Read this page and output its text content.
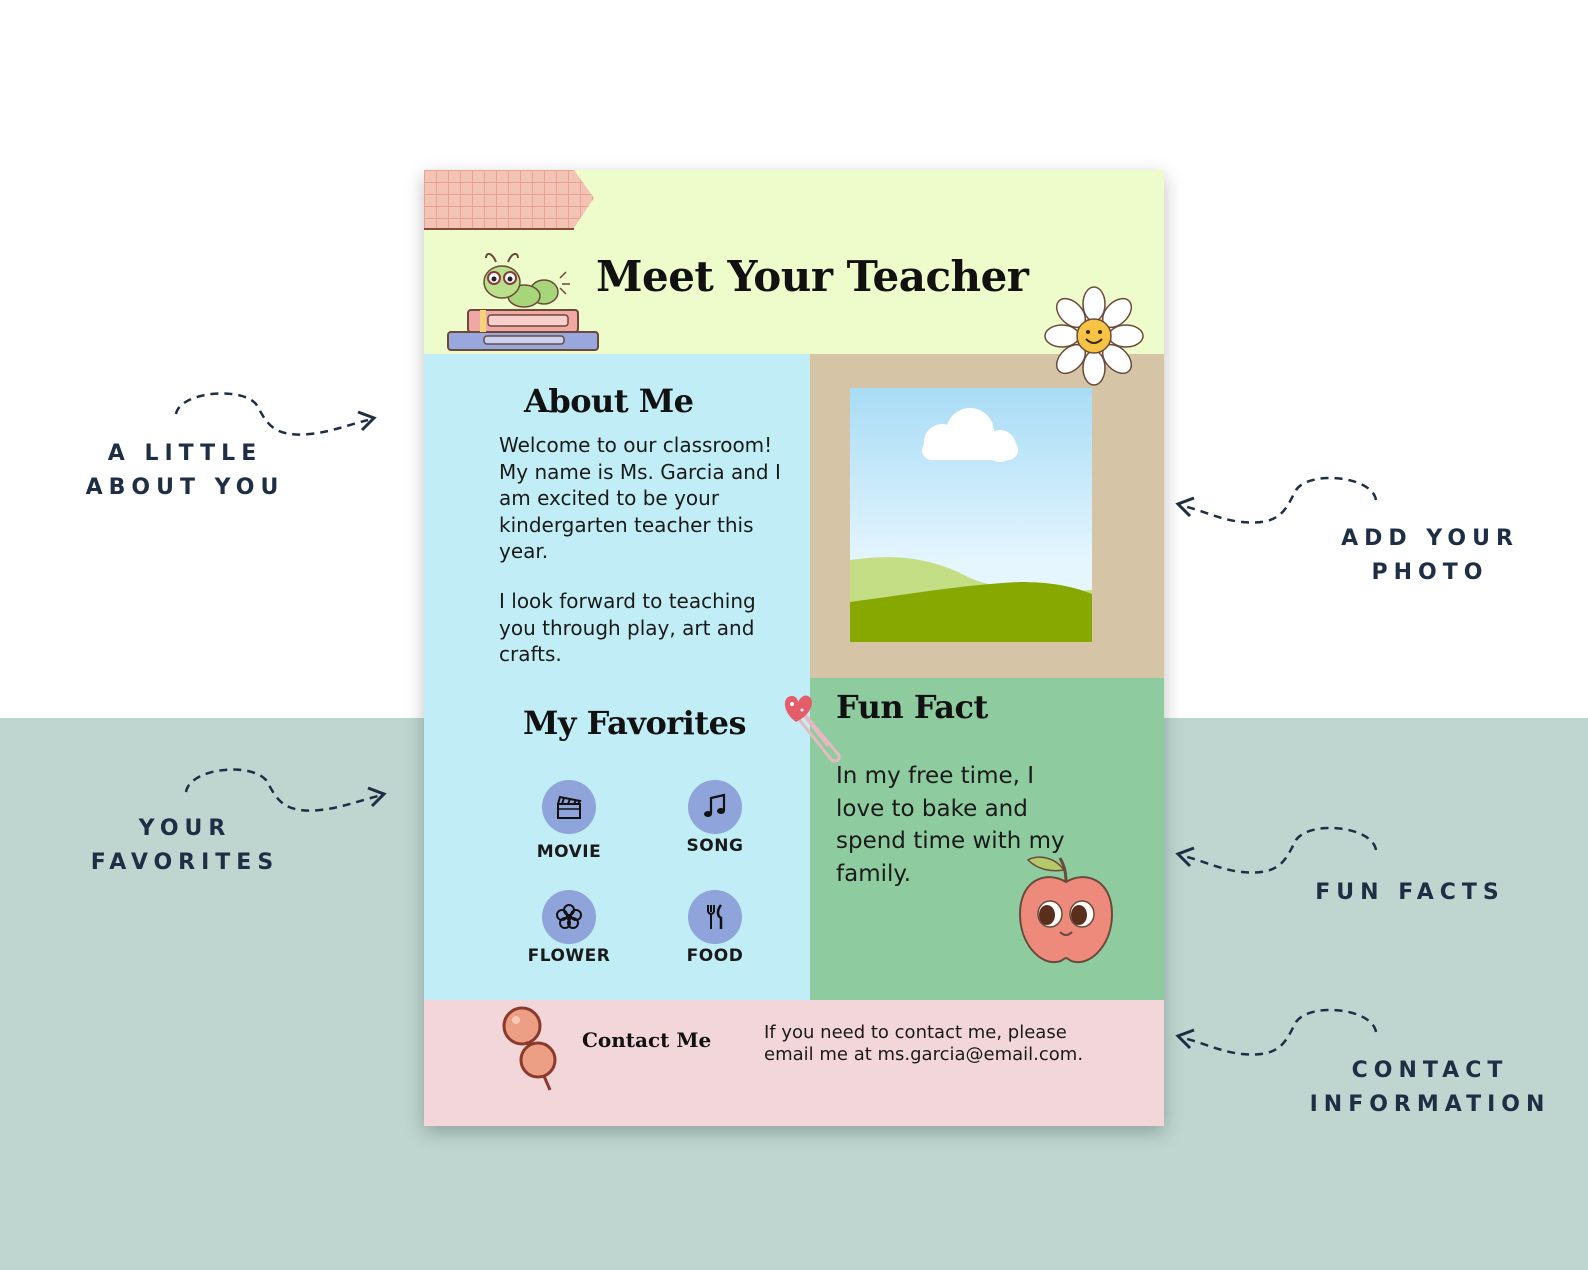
A LITTLE
ABOUT YOU
YOUR
FAVORITES
ADD YOUR
PHOTO
FUN FACTS
CONTACT
INFORMATION
Meet Your Teacher
About Me
Welcome to our classroom! My name is Ms. Garcia and I am excited to be your kindergarten teacher this year.
I look forward to teaching you through play, art and crafts.
My Favorites
MOVIE	SONG
FLOWER	FOOD
Fun Fact
In my free time, I love to bake and spend time with my family.
Contact Me	If you need to contact me, please
email me at ms.garcia@email.com.
